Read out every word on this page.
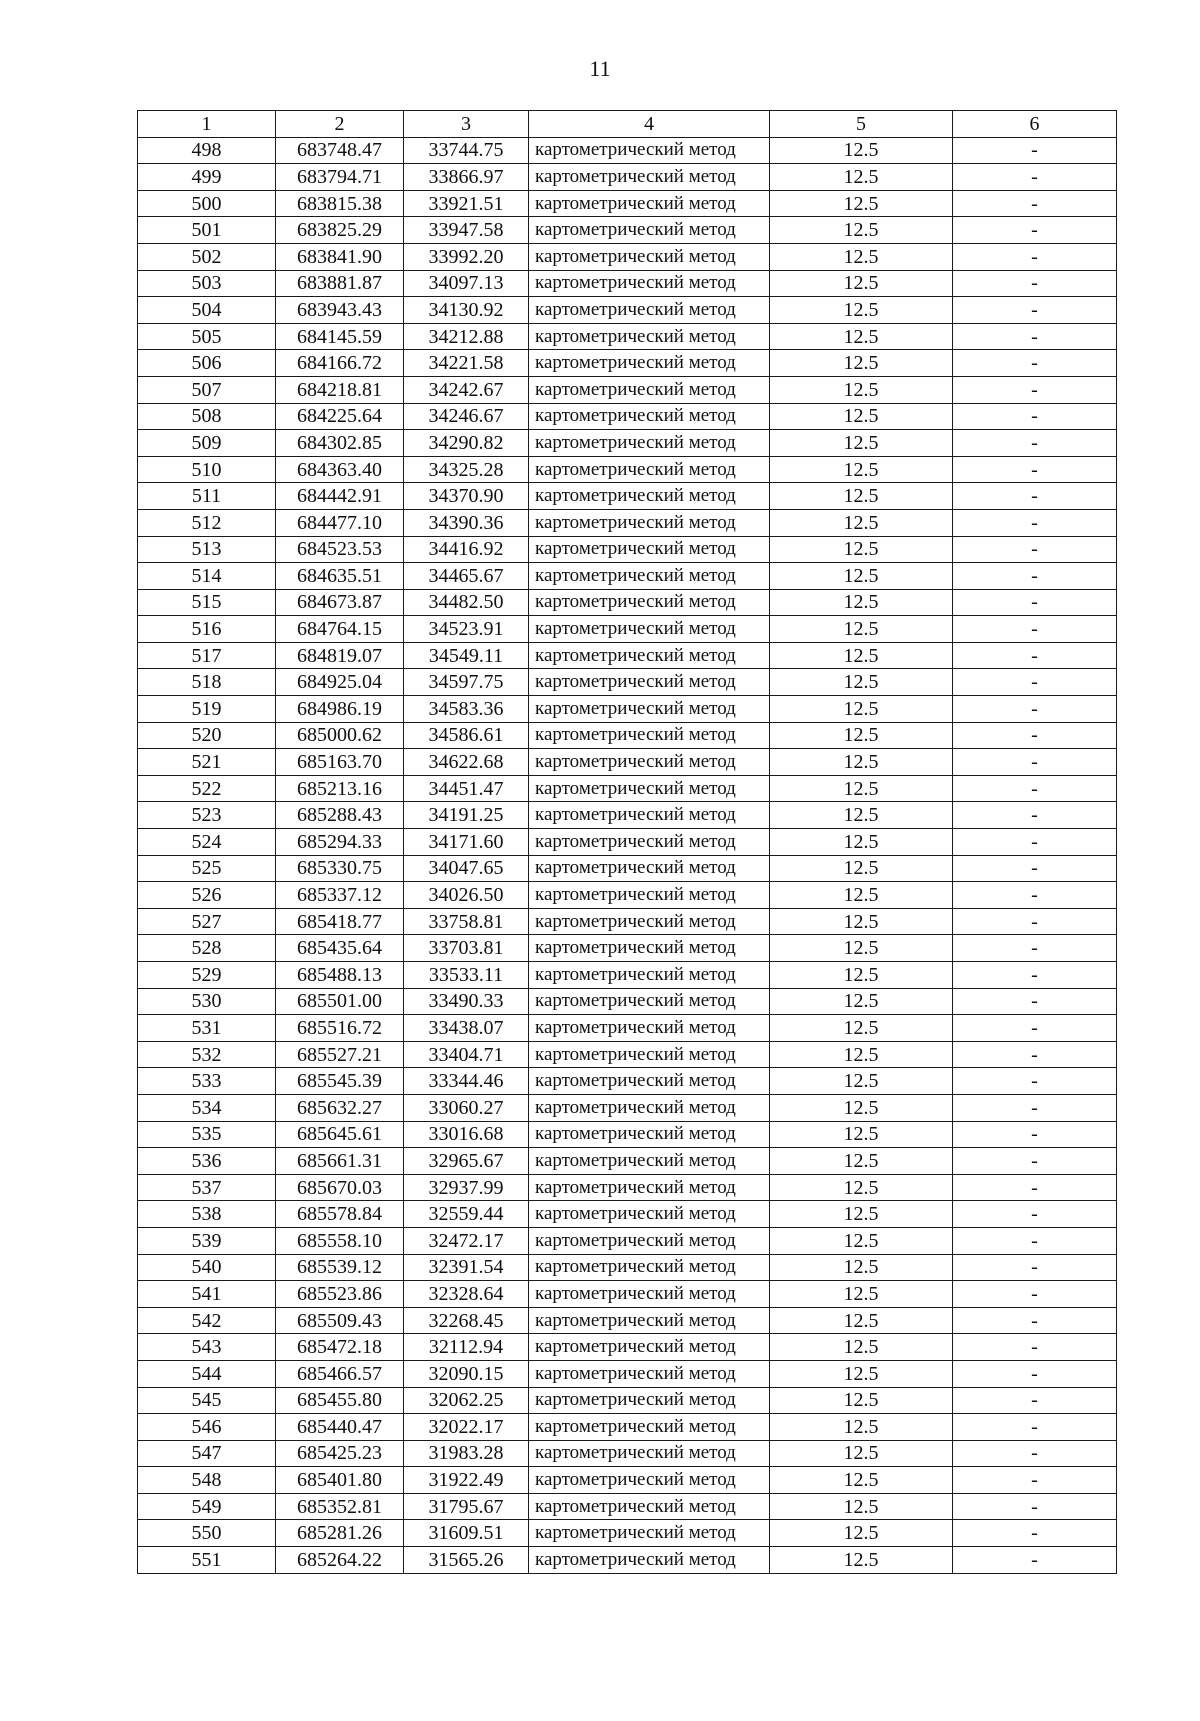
11
1	2	3	4	5	6
498	683748.47	33744.75	картометрический метод	12.5	-
499	683794.71	33866.97	картометрический метод	12.5	-
500	683815.38	33921.51	картометрический метод	12.5	-
501	683825.29	33947.58	картометрический метод	12.5	-
502	683841.90	33992.20	картометрический метод	12.5	-
503	683881.87	34097.13	картометрический метод	12.5	-
504	683943.43	34130.92	картометрический метод	12.5	-
505	684145.59	34212.88	картометрический метод	12.5	-
506	684166.72	34221.58	картометрический метод	12.5	-
507	684218.81	34242.67	картометрический метод	12.5	-
508	684225.64	34246.67	картометрический метод	12.5	-
509	684302.85	34290.82	картометрический метод	12.5	-
510	684363.40	34325.28	картометрический метод	12.5	-
511	684442.91	34370.90	картометрический метод	12.5	-
512	684477.10	34390.36	картометрический метод	12.5	-
513	684523.53	34416.92	картометрический метод	12.5	-
514	684635.51	34465.67	картометрический метод	12.5	-
515	684673.87	34482.50	картометрический метод	12.5	-
516	684764.15	34523.91	картометрический метод	12.5	-
517	684819.07	34549.11	картометрический метод	12.5	-
518	684925.04	34597.75	картометрический метод	12.5	-
519	684986.19	34583.36	картометрический метод	12.5	-
520	685000.62	34586.61	картометрический метод	12.5	-
521	685163.70	34622.68	картометрический метод	12.5	-
522	685213.16	34451.47	картометрический метод	12.5	-
523	685288.43	34191.25	картометрический метод	12.5	-
524	685294.33	34171.60	картометрический метод	12.5	-
525	685330.75	34047.65	картометрический метод	12.5	-
526	685337.12	34026.50	картометрический метод	12.5	-
527	685418.77	33758.81	картометрический метод	12.5	-
528	685435.64	33703.81	картометрический метод	12.5	-
529	685488.13	33533.11	картометрический метод	12.5	-
530	685501.00	33490.33	картометрический метод	12.5	-
531	685516.72	33438.07	картометрический метод	12.5	-
532	685527.21	33404.71	картометрический метод	12.5	-
533	685545.39	33344.46	картометрический метод	12.5	-
534	685632.27	33060.27	картометрический метод	12.5	-
535	685645.61	33016.68	картометрический метод	12.5	-
536	685661.31	32965.67	картометрический метод	12.5	-
537	685670.03	32937.99	картометрический метод	12.5	-
538	685578.84	32559.44	картометрический метод	12.5	-
539	685558.10	32472.17	картометрический метод	12.5	-
540	685539.12	32391.54	картометрический метод	12.5	-
541	685523.86	32328.64	картометрический метод	12.5	-
542	685509.43	32268.45	картометрический метод	12.5	-
543	685472.18	32112.94	картометрический метод	12.5	-
544	685466.57	32090.15	картометрический метод	12.5	-
545	685455.80	32062.25	картометрический метод	12.5	-
546	685440.47	32022.17	картометрический метод	12.5	-
547	685425.23	31983.28	картометрический метод	12.5	-
548	685401.80	31922.49	картометрический метод	12.5	-
549	685352.81	31795.67	картометрический метод	12.5	-
550	685281.26	31609.51	картометрический метод	12.5	-
551	685264.22	31565.26	картометрический метод	12.5	-
